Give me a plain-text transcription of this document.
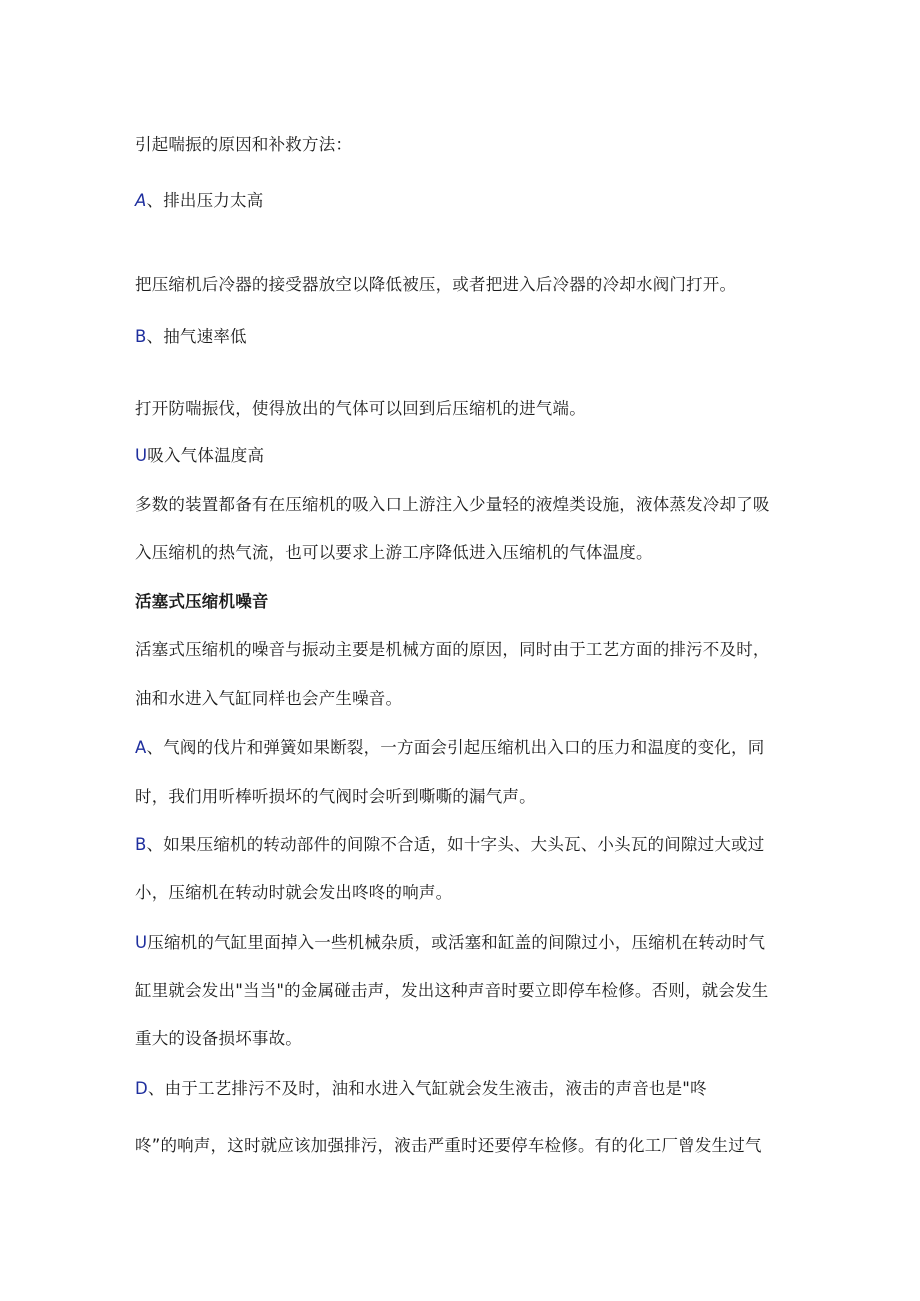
引起喘振的原因和补救方法：
A、排出压力太高
把压缩机后冷器的接受器放空以降低被压，或者把进入后冷器的冷却水阀门打开。
B、抽气速率低
打开防喘振伐，使得放出的气体可以回到后压缩机的进气端。
U吸入气体温度高
多数的装置都备有在压缩机的吸入口上游注入少量轻的液煌类设施，液体蒸发冷却了吸
入压缩机的热气流，也可以要求上游工序降低进入压缩机的气体温度。
活塞式压缩机噪音
活塞式压缩机的噪音与振动主要是机械方面的原因，同时由于工艺方面的排污不及时，
油和水进入气缸同样也会产生噪音。
A、气阀的伐片和弹簧如果断裂，一方面会引起压缩机出入口的压力和温度的变化，同
时，我们用听棒听损坏的气阀时会听到嘶嘶的漏气声。
B、如果压缩机的转动部件的间隙不合适，如十字头、大头瓦、小头瓦的间隙过大或过
小，压缩机在转动时就会发出咚咚的响声。
U压缩机的气缸里面掉入一些机械杂质，或活塞和缸盖的间隙过小，压缩机在转动时气
缸里就会发出"当当"的金属碰击声，发出这种声音时要立即停车检修。否则，就会发生
重大的设备损坏事故。
D、由于工艺排污不及时，油和水进入气缸就会发生液击，液击的声音也是"咚
咚”的响声，这时就应该加强排污，液击严重时还要停车检修。有的化工厂曾发生过气
